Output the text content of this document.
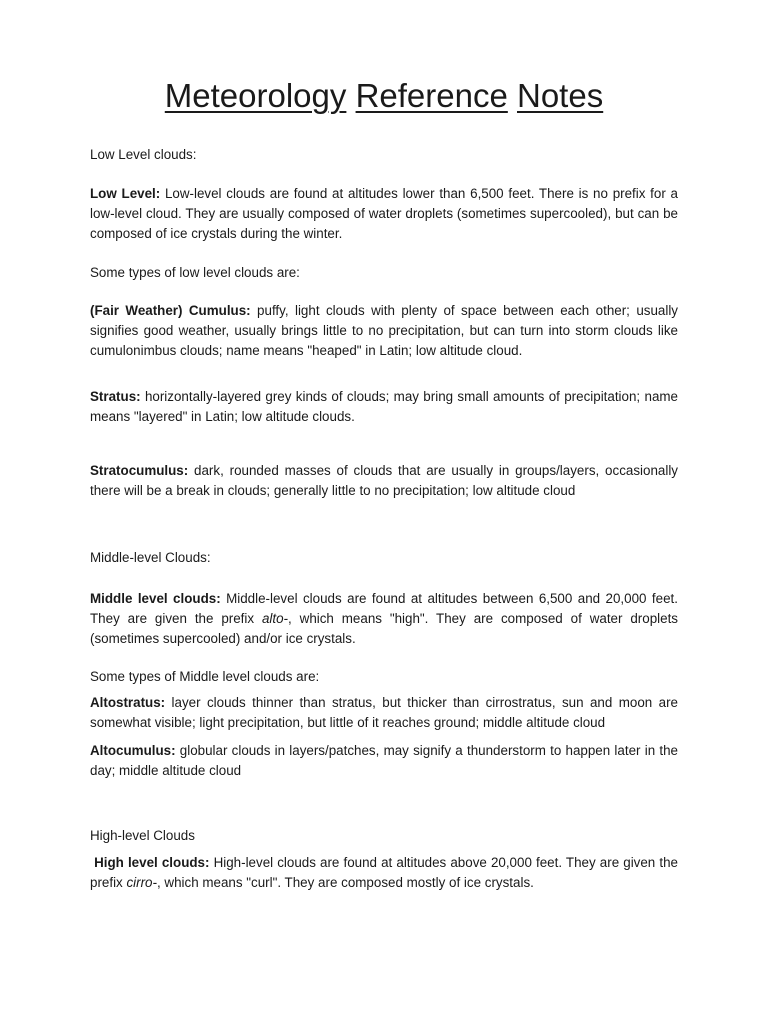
Meteorology Reference Notes

Low Level clouds:

Low Level: Low-level clouds are found at altitudes lower than 6,500 feet. There is no prefix for a low-level cloud. They are usually composed of water droplets (sometimes supercooled), but can be composed of ice crystals during the winter.

Some types of low level clouds are:

(Fair Weather) Cumulus: puffy, light clouds with plenty of space between each other; usually signifies good weather, usually brings little to no precipitation, but can turn into storm clouds like cumulonimbus clouds; name means "heaped" in Latin; low altitude cloud.

Stratus: horizontally-layered grey kinds of clouds; may bring small amounts of precipitation; name means "layered" in Latin; low altitude clouds.

Stratocumulus: dark, rounded masses of clouds that are usually in groups/layers, occasionally there will be a break in clouds; generally little to no precipitation; low altitude cloud

Middle-level Clouds:

Middle level clouds: Middle-level clouds are found at altitudes between 6,500 and 20,000 feet. They are given the prefix alto-, which means "high". They are composed of water droplets (sometimes supercooled) and/or ice crystals.

Some types of Middle level clouds are:

Altostratus: layer clouds thinner than stratus, but thicker than cirrostratus, sun and moon are somewhat visible; light precipitation, but little of it reaches ground; middle altitude cloud

Altocumulus: globular clouds in layers/patches, may signify a thunderstorm to happen later in the day; middle altitude cloud

High-level Clouds

High level clouds: High-level clouds are found at altitudes above 20,000 feet. They are given the prefix cirro-, which means "curl". They are composed mostly of ice crystals.
